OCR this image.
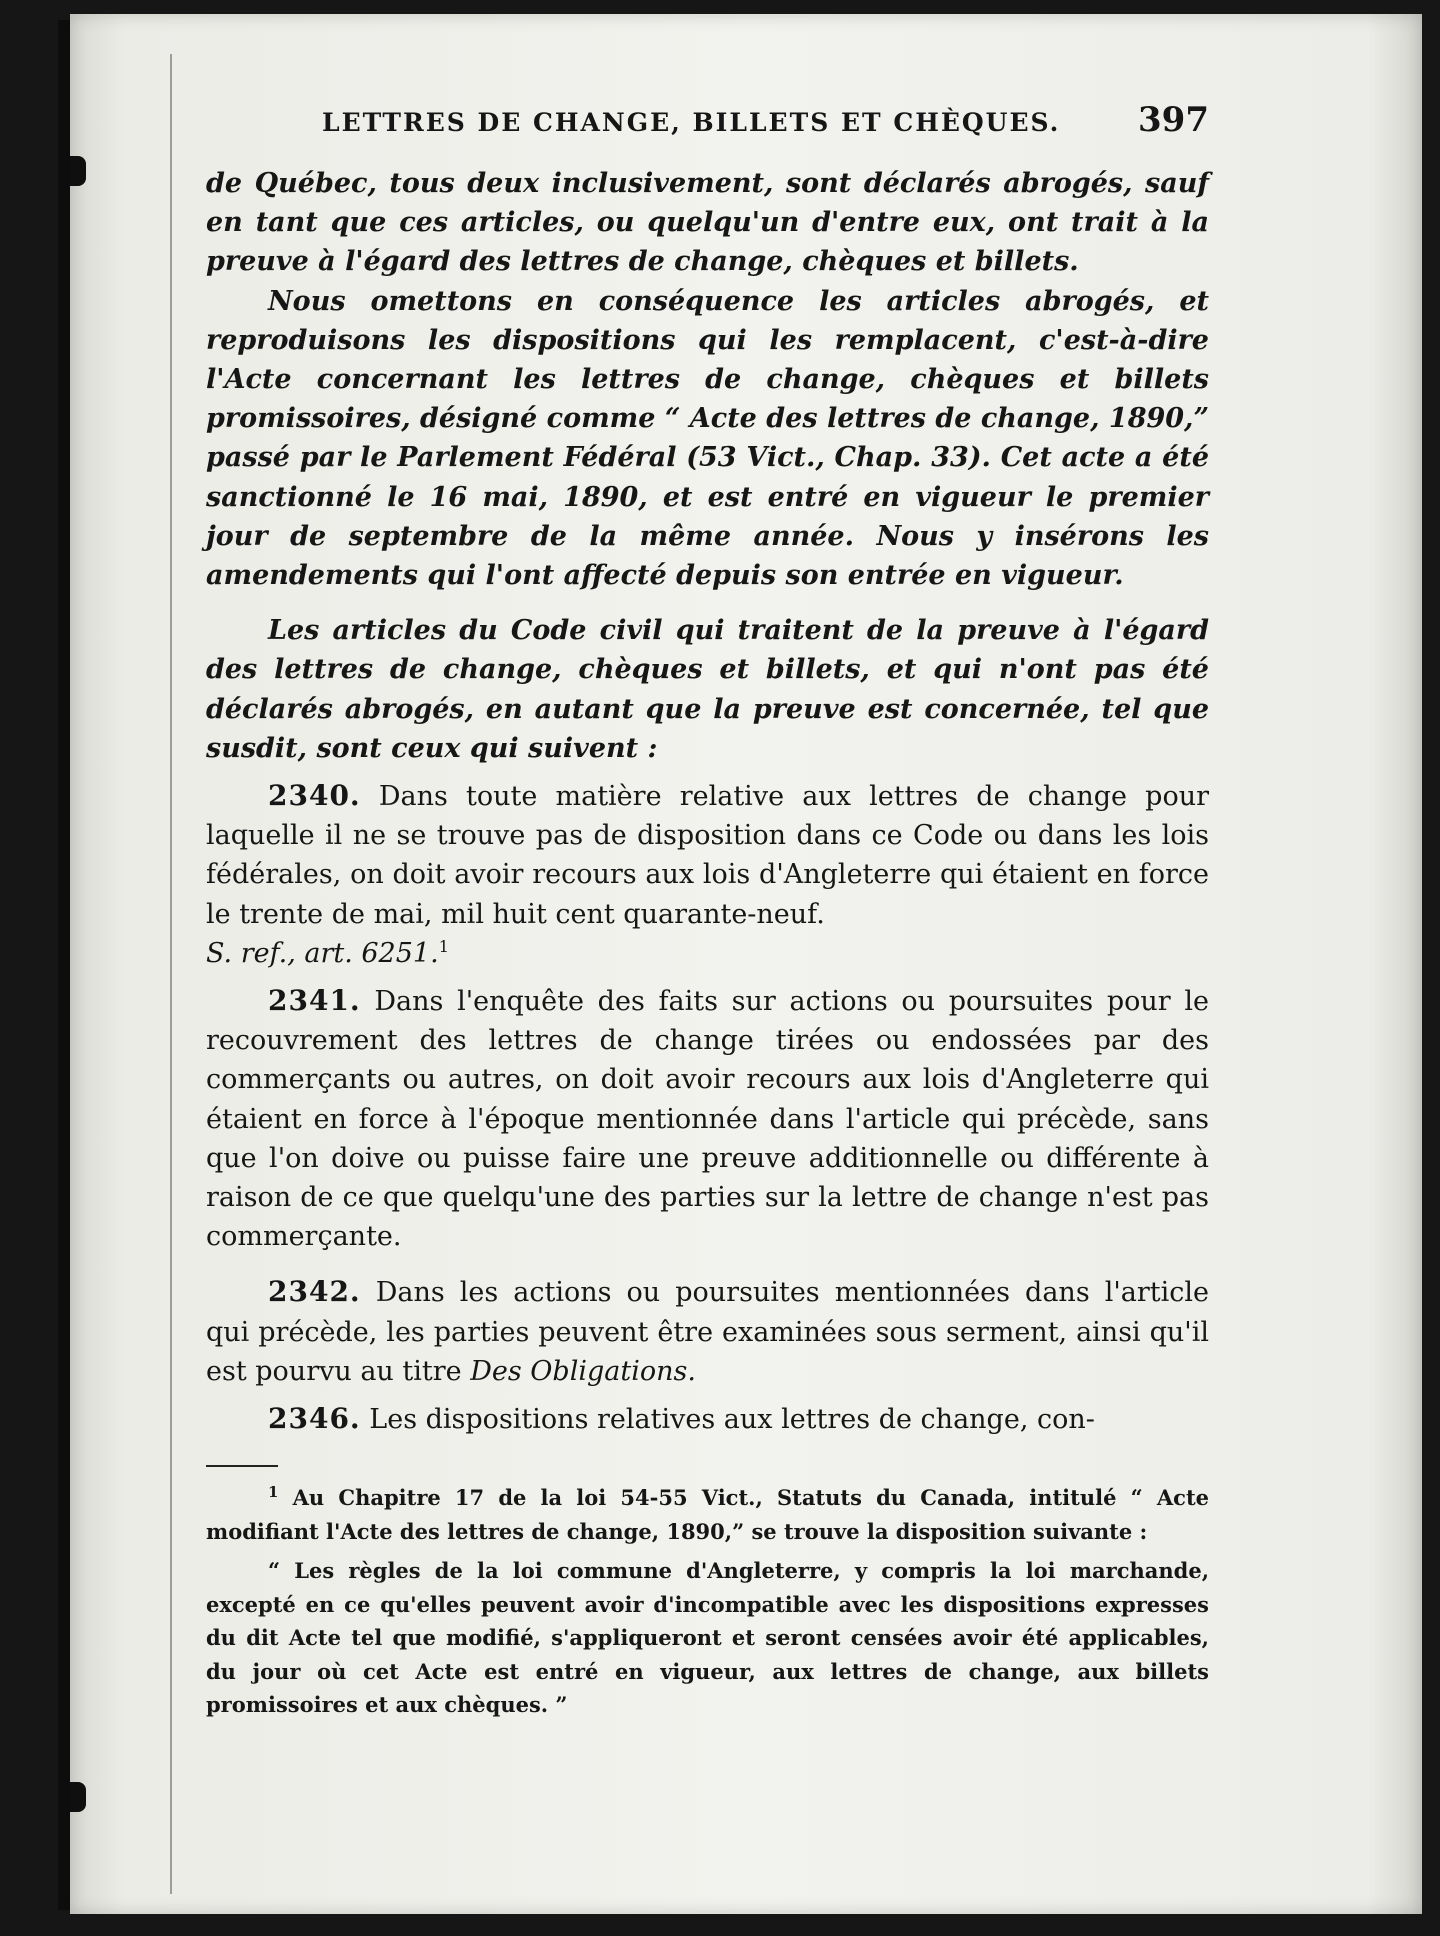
LETTRES DE CHANGE, BILLETS ET CHÈQUES. 397

de Québec, tous deux inclusivement, sont déclarés abrogés, sauf en tant que ces articles, ou quelqu'un d'entre eux, ont trait à la preuve à l'égard des lettres de change, chèques et billets.

Nous omettons en conséquence les articles abrogés, et reproduisons les dispositions qui les remplacent, c'est-à-dire l'Acte concernant les lettres de change, chèques et billets promissoires, désigné comme “ Acte des lettres de change, 1890,” passé par le Parlement Fédéral (53 Vict., Chap. 33). Cet acte a été sanctionné le 16 mai, 1890, et est entré en vigueur le premier jour de septembre de la même année. Nous y insérons les amendements qui l'ont affecté depuis son entrée en vigueur.

Les articles du Code civil qui traitent de la preuve à l'égard des lettres de change, chèques et billets, et qui n'ont pas été déclarés abrogés, en autant que la preuve est concernée, tel que susdit, sont ceux qui suivent :

2340. Dans toute matière relative aux lettres de change pour laquelle il ne se trouve pas de disposition dans ce Code ou dans les lois fédérales, on doit avoir recours aux lois d'Angleterre qui étaient en force le trente de mai, mil huit cent quarante-neuf.
S. ref., art. 6251.$^1$

2341. Dans l'enquête des faits sur actions ou poursuites pour le recouvrement des lettres de change tirées ou endossées par des commerçants ou autres, on doit avoir recours aux lois d'Angleterre qui étaient en force à l'époque mentionnée dans l'article qui précède, sans que l'on doive ou puisse faire une preuve additionnelle ou différente à raison de ce que quelqu'une des parties sur la lettre de change n'est pas commerçante.

2342. Dans les actions ou poursuites mentionnées dans l'article qui précède, les parties peuvent être examinées sous serment, ainsi qu'il est pourvu au titre Des Obligations.

2346. Les dispositions relatives aux lettres de change, con-

$^1$ Au Chapitre 17 de la loi 54-55 Vict., Statuts du Canada, intitulé “ Acte modifiant l'Acte des lettres de change, 1890,” se trouve la disposition suivante :

“ Les règles de la loi commune d'Angleterre, y compris la loi marchande, excepté en ce qu'elles peuvent avoir d'incompatible avec les dispositions expresses du dit Acte tel que modifié, s'appliqueront et seront censées avoir été applicables, du jour où cet Acte est entré en vigueur, aux lettres de change, aux billets promissoires et aux chèques. ”
